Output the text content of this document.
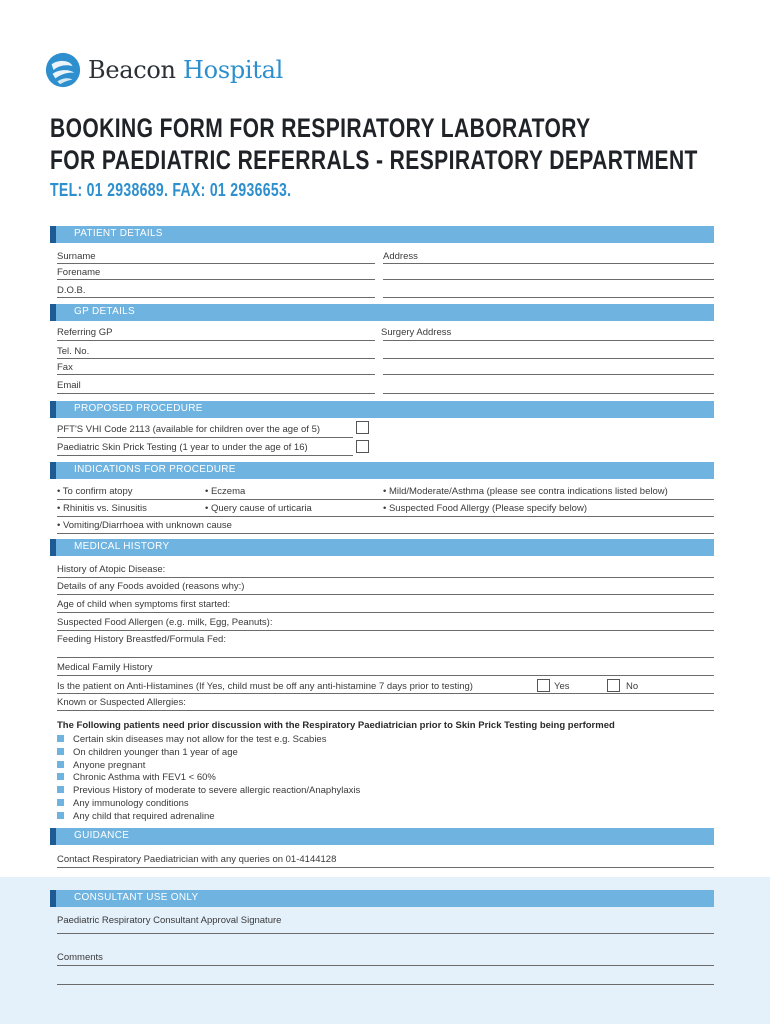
Beacon Hospital
BOOKING FORM FOR RESPIRATORY LABORATORY
FOR PAEDIATRIC REFERRALS - RESPIRATORY DEPARTMENT
TEL: 01 2938689. FAX: 01 2936653.
PATIENT DETAILS
Surname	Address
Forename
D.O.B.
GP DETAILS
Referring GP	Surgery Address
Tel. No.
Fax
Email
PROPOSED PROCEDURE
PFT'S VHI Code 2113 (available for children over the age of 5)
Paediatric Skin Prick Testing (1 year to under the age of 16)
INDICATIONS FOR PROCEDURE
• To confirm atopy	• Eczema	• Mild/Moderate/Asthma (please see contra indications listed below)
• Rhinitis vs. Sinusitis	• Query cause of urticaria	• Suspected Food Allergy (Please specify below)
• Vomiting/Diarrhoea with unknown cause
MEDICAL HISTORY
History of Atopic Disease:
Details of any Foods avoided (reasons why:)
Age of child when symptoms first started:
Suspected Food Allergen (e.g. milk, Egg, Peanuts):
Feeding History Breastfed/Formula Fed:
Medical Family History
Is the patient on Anti-Histamines (If Yes, child must be off any anti-histamine 7 days prior to testing)	Yes	No
Known or Suspected Allergies:
The Following patients need prior discussion with the Respiratory Paediatrician prior to Skin Prick Testing being performed
Certain skin diseases may not allow for the test e.g. Scabies
On children younger than 1 year of age
Anyone pregnant
Chronic Asthma with FEV1 < 60%
Previous History of moderate to severe allergic reaction/Anaphylaxis
Any immunology conditions
Any child that required adrenaline
GUIDANCE
Contact Respiratory Paediatrician with any queries on 01-4144128
CONSULTANT USE ONLY
Paediatric Respiratory Consultant Approval Signature
Comments
